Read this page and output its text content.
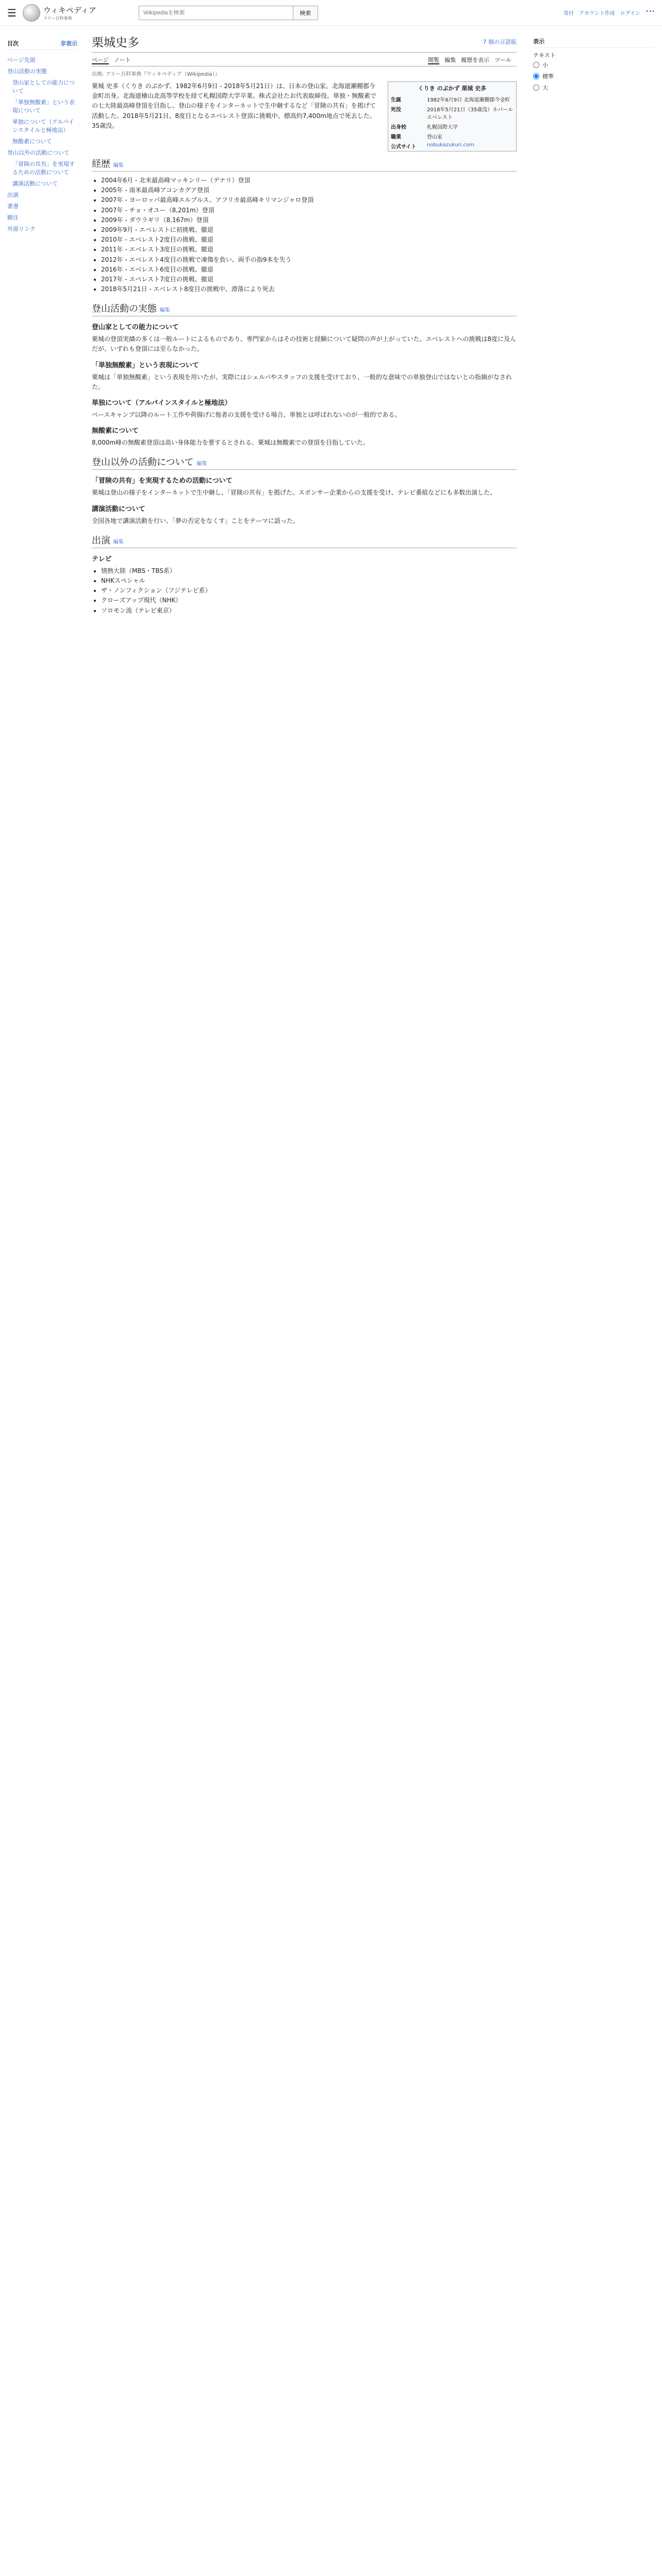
☰	ウィキペディア
フリー百科事典
Wikipediaを検索
検索	寄付 アカウント作成 ログイン •••
目次	非表示
ページ先頭
登山活動の実態
登山家としての能力について
「単独無酸素」という表現について
単独について（アルパインスタイルと極地法）
無酸素について
登山以外の活動について
「冒険の共有」を実現するための活動について
講演活動について
出演
著書
脚注
外部リンク
栗城史多	7 個の言語版
ページ ノート	閲覧 編集 履歴を表示 ツール
出典: フリー百科事典『ウィキペディア（Wikipedia）』
くりき のぶかず 栗城 史多
生誕	1982年6月9日 北海道瀬棚郡今金町
死没	2018年5月21日（35歳没）ネパール エベレスト
出身校	札幌国際大学
職業	登山家
公式サイト	nobukazukuri.com

栗城 史多（くりき のぶかず、1982年6月9日 - 2018年5月21日）は、日本の登山家。北海道瀬棚郡今金町出身。北海道檜山北高等学校を経て札幌国際大学卒業。株式会社たお代表取締役。単独・無酸素での七大陸最高峰登頂を目指し、登山の様子をインターネットで生中継するなど「冒険の共有」を掲げて活動した。2018年5月21日、8度目となるエベレスト登頂に挑戦中、標高約7,400m地点で死去した。35歳没。

経歴 編集
• 2004年6月 - 北米最高峰マッキンリー（デナリ）登頂
• 2005年 - 南米最高峰アコンカグア登頂
• 2007年 - ヨーロッパ最高峰エルブルス、アフリカ最高峰キリマンジャロ登頂
• 2007年 - チョ・オユー（8,201m）登頂
• 2009年 - ダウラギリ（8,167m）登頂
• 2009年9月 - エベレストに初挑戦、撤退
• 2010年 - エベレスト2度目の挑戦、撤退
• 2011年 - エベレスト3度目の挑戦、撤退
• 2012年 - エベレスト4度目の挑戦で凍傷を負い、両手の指9本を失う
• 2016年 - エベレスト6度目の挑戦、撤退
• 2017年 - エベレスト7度目の挑戦、撤退
• 2018年5月21日 - エベレスト8度目の挑戦中、滑落により死去
登山活動の実態 編集
登山家としての能力について

栗城の登頂実績の多くは一般ルートによるものであり、専門家からはその技術と経験について疑問の声が上がっていた。エベレストへの挑戦は8度に及んだが、いずれも登頂には至らなかった。

「単独無酸素」という表現について

栗城は「単独無酸素」という表現を用いたが、実際にはシェルパやスタッフの支援を受けており、一般的な意味での単独登山ではないとの指摘がなされた。

単独について（アルパインスタイルと極地法）

ベースキャンプ以降のルート工作や荷揚げに他者の支援を受ける場合、単独とは呼ばれないのが一般的である。

無酸素について

8,000m峰の無酸素登頂は高い身体能力を要するとされる。栗城は無酸素での登頂を目指していた。

登山以外の活動について 編集
「冒険の共有」を実現するための活動について

栗城は登山の様子をインターネットで生中継し、「冒険の共有」を掲げた。スポンサー企業からの支援を受け、テレビ番組などにも多数出演した。

講演活動について

全国各地で講演活動を行い、「夢の否定をなくす」ことをテーマに語った。

出演 編集
テレビ
• 情熱大陸（MBS・TBS系）
• NHKスペシャル
• ザ・ノンフィクション（フジテレビ系）
• クローズアップ現代（NHK）
• ソロモン流（テレビ東京）
表示
テキスト
小
標準
大
